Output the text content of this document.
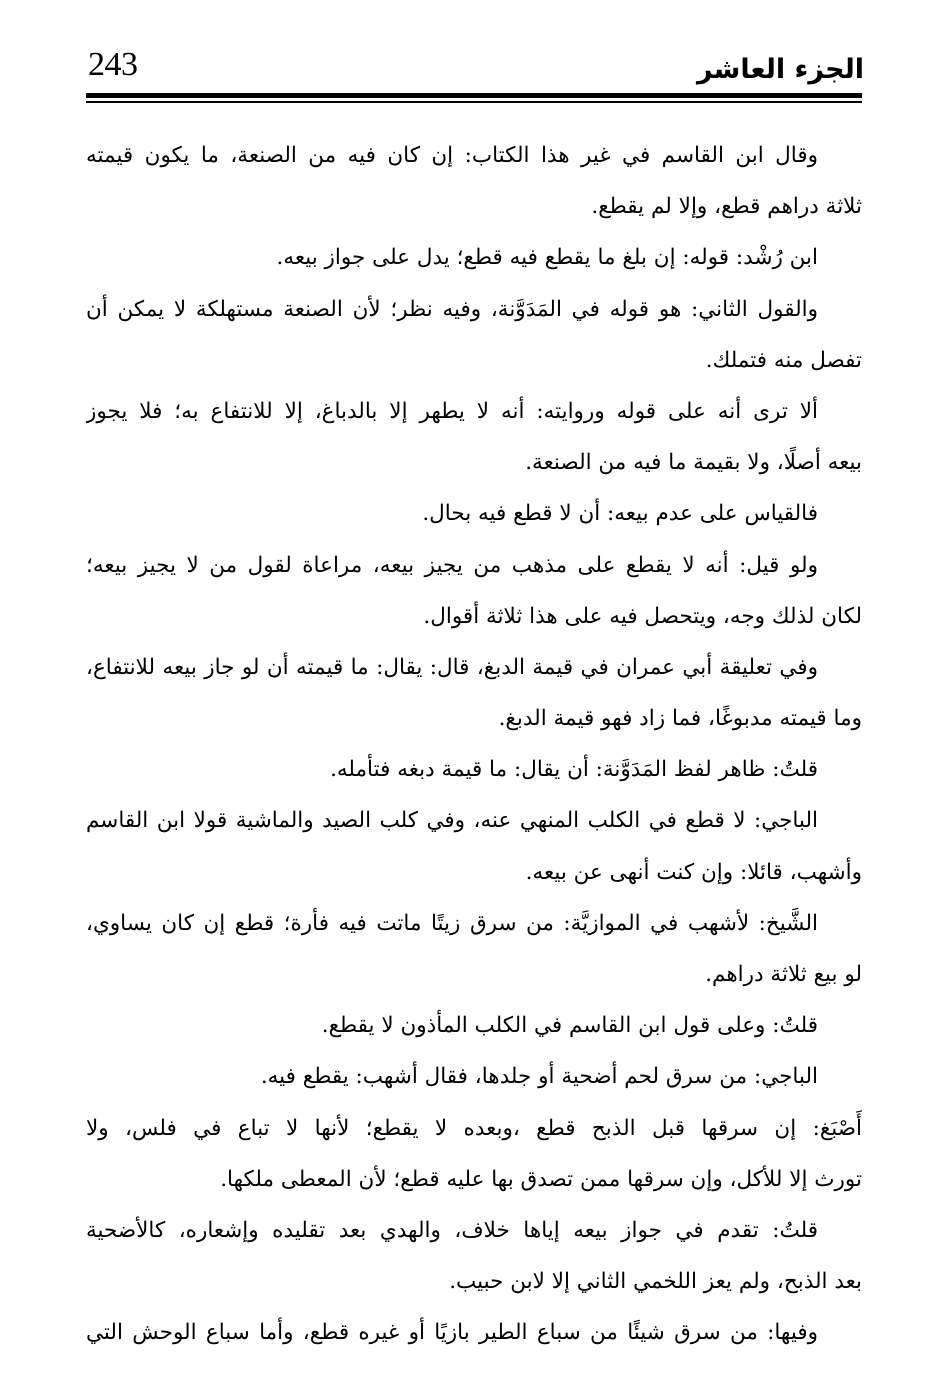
243	الجزء العاشر
وقال ابن القاسم في غير هذا الكتاب: إن كان فيه من الصنعة، ما يكون قيمته
ثلاثة دراهم قطع، وإلا لم يقطع.
ابن رُشْد: قوله: إن بلغ ما يقطع فيه قطع؛ يدل على جواز بيعه.
والقول الثاني: هو قوله في المَدَوَّنة، وفيه نظر؛ لأن الصنعة مستهلكة لا يمكن أن
تفصل منه فتملك.
ألا ترى أنه على قوله وروايته: أنه لا يطهر إلا بالدباغ، إلا للانتفاع به؛ فلا يجوز
بيعه أصلًا، ولا بقيمة ما فيه من الصنعة.
فالقياس على عدم بيعه: أن لا قطع فيه بحال.
ولو قيل: أنه لا يقطع على مذهب من يجيز بيعه، مراعاة لقول من لا يجيز بيعه؛
لكان لذلك وجه، ويتحصل فيه على هذا ثلاثة أقوال.
وفي تعليقة أبي عمران في قيمة الدبغ، قال: يقال: ما قيمته أن لو جاز بيعه للانتفاع،
وما قيمته مدبوغًا، فما زاد فهو قيمة الدبغ.
قلتُ: ظاهر لفظ المَدَوَّنة: أن يقال: ما قيمة دبغه فتأمله.
الباجي: لا قطع في الكلب المنهي عنه، وفي كلب الصيد والماشية قولا ابن القاسم
وأشهب، قائلا: وإن كنت أنهى عن بيعه.
الشَّيخ: لأشهب في الموازيَّة: من سرق زيتًا ماتت فيه فأرة؛ قطع إن كان يساوي،
لو بيع ثلاثة دراهم.
قلتُ: وعلى قول ابن القاسم في الكلب المأذون لا يقطع.
الباجي: من سرق لحم أضحية أو جلدها، فقال أشهب: يقطع فيه.
أَصْبَغ: إن سرقها قبل الذبح قطع ،وبعده لا يقطع؛ لأنها لا تباع في فلس، ولا
تورث إلا للأكل، وإن سرقها ممن تصدق بها عليه قطع؛ لأن المعطى ملكها.
قلتُ: تقدم في جواز بيعه إياها خلاف، والهدي بعد تقليده وإشعاره، كالأضحية
بعد الذبح، ولم يعز اللخمي الثاني إلا لابن حبيب.
وفيها: من سرق شيئًا من سباع الطير بازيًا أو غيره قطع، وأما سباع الوحش التي
